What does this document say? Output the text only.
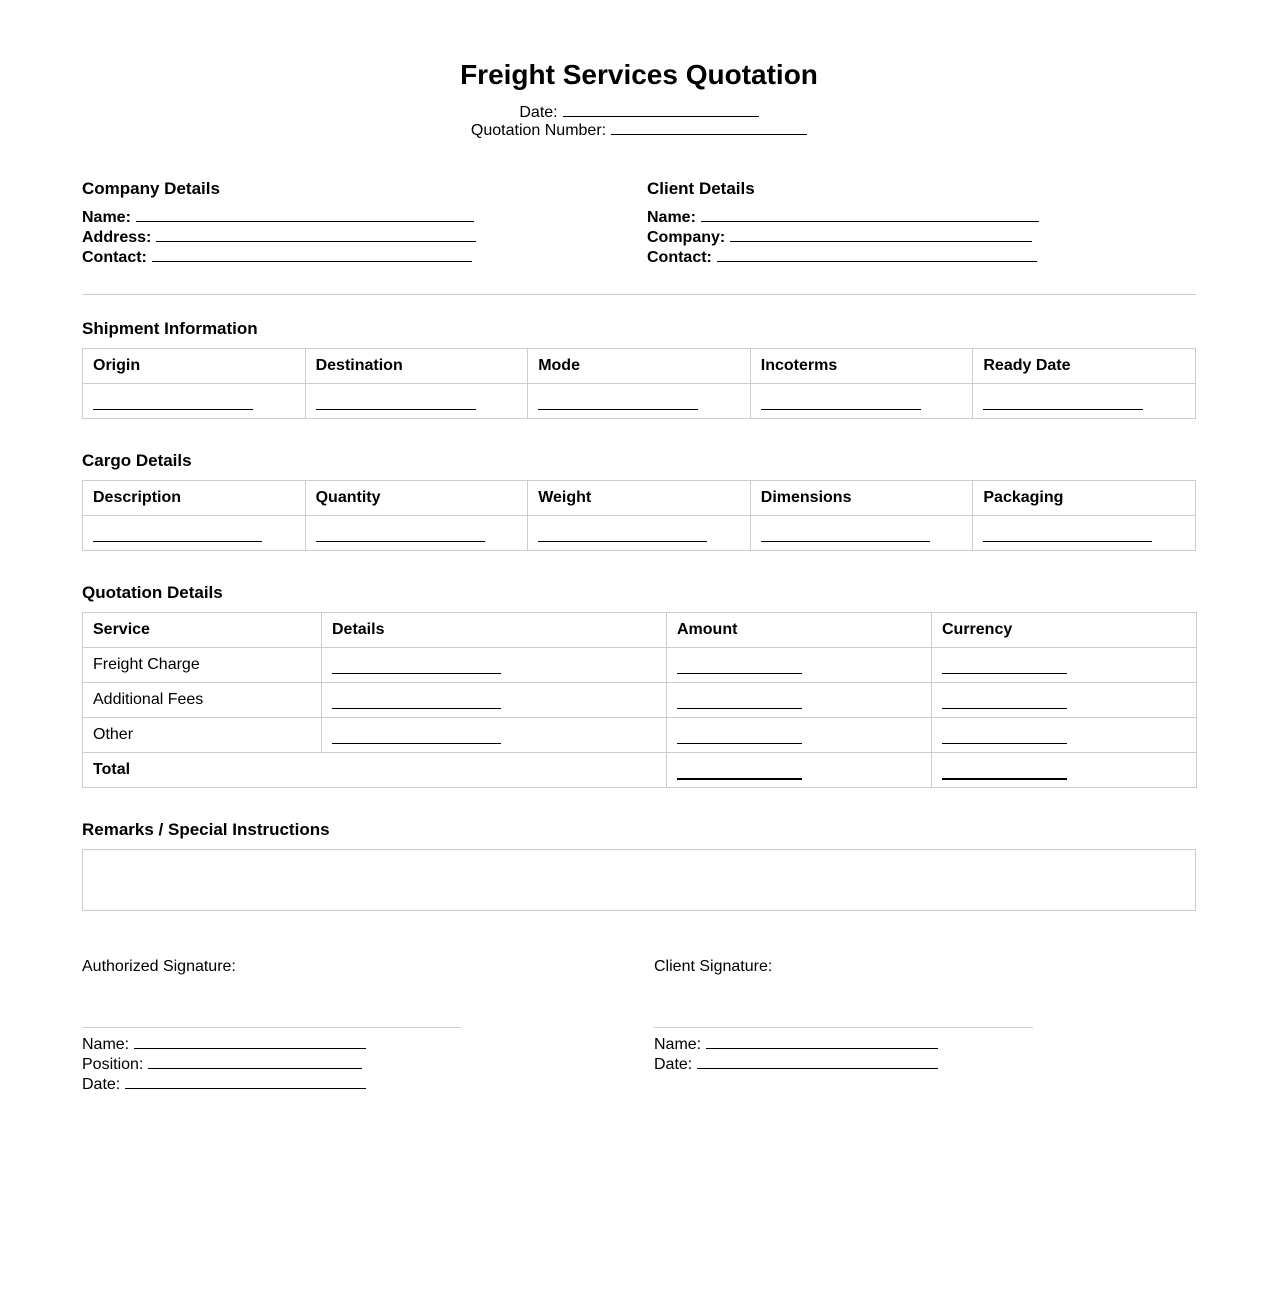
Freight Services Quotation
Date:
Quotation Number:
Company Details
Name:
Address:
Contact:
Client Details
Name:
Company:
Contact:
Shipment Information
Origin	Destination	Mode	Incoterms	Ready Date

Cargo Details
Description	Quantity	Weight	Dimensions	Packaging

Quotation Details
Service	Details	Amount	Currency
Freight Charge			
Additional Fees			
Other			
Total			
Remarks / Special Instructions
Authorized Signature:
Name:
Position:
Date:
Client Signature:
Name:
Date:
